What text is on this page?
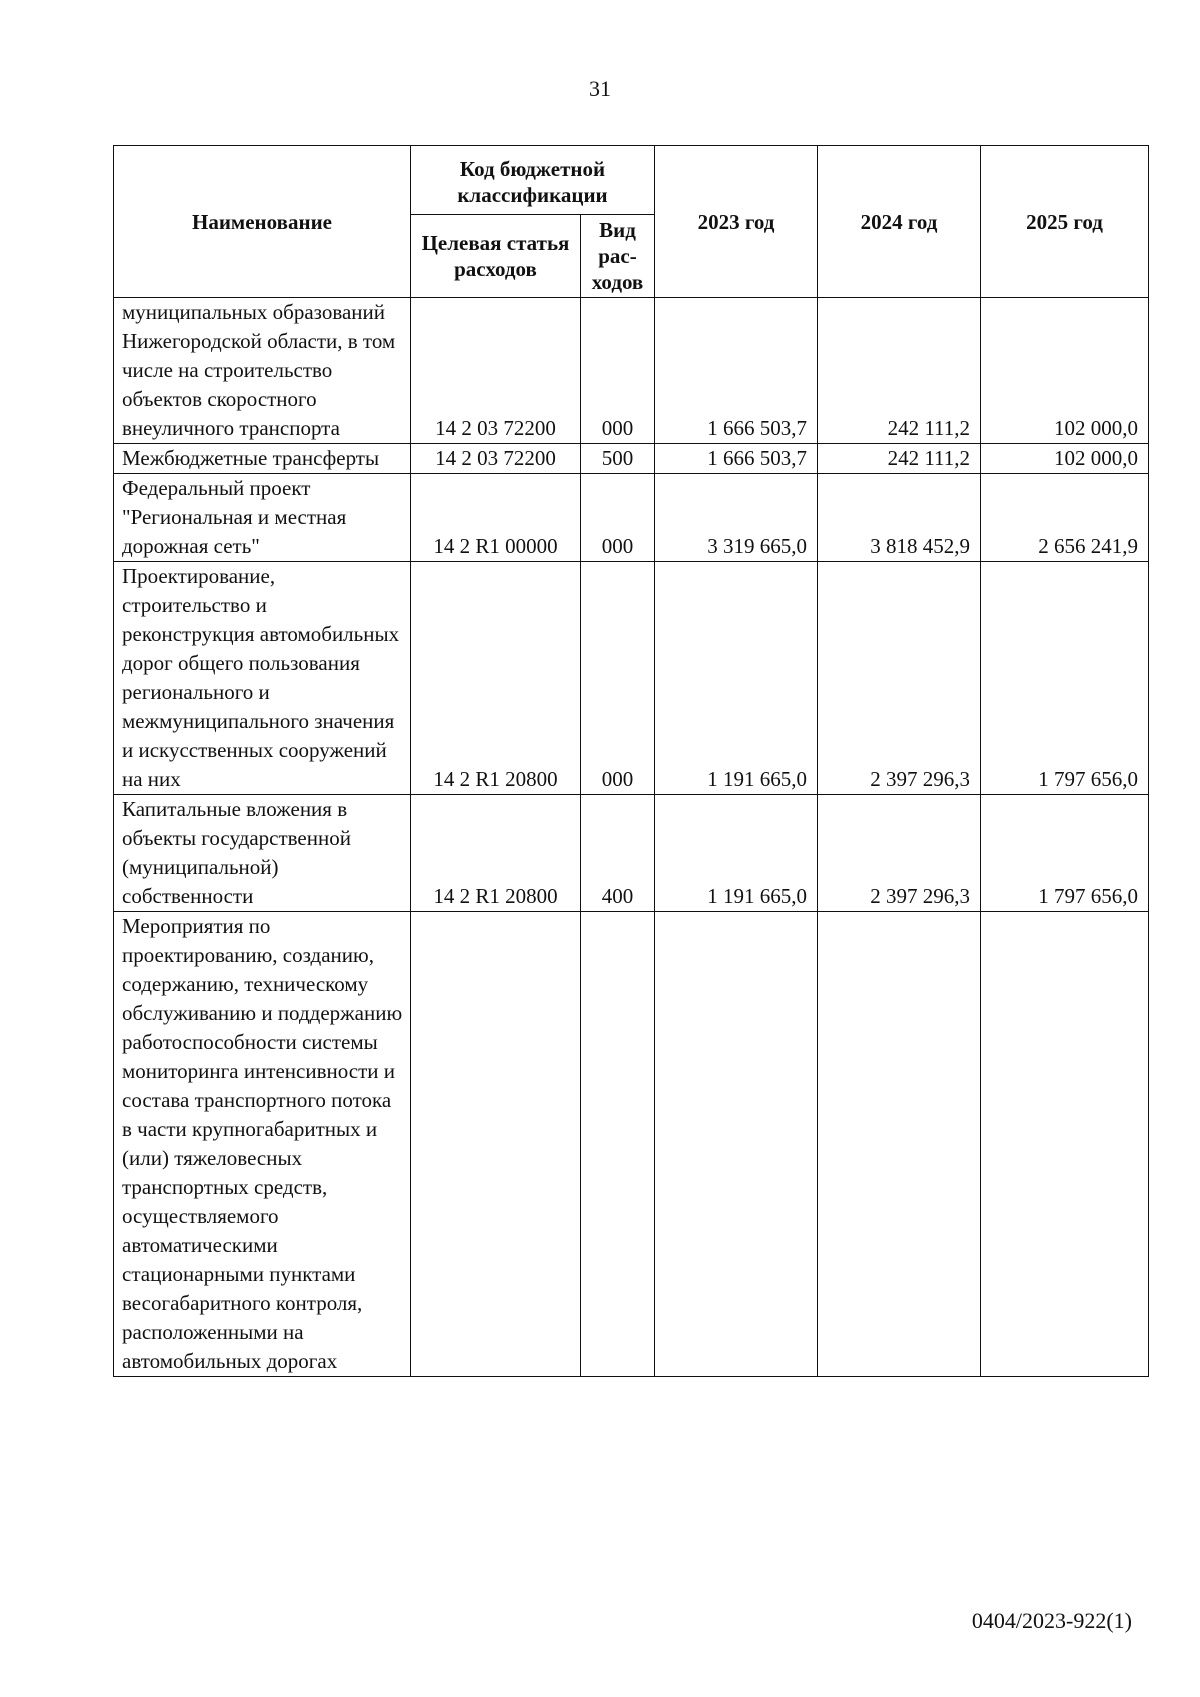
31
Наименование	Код бюджетной классификации		2023 год	2024 год	2025 год
	Целевая статья расходов	Вид рас-ходов			
муниципальных образований Нижегородской области, в том числе на строительство объектов скоростного внеуличного транспорта	14 2 03 72200	000	1 666 503,7	242 111,2	102 000,0
Межбюджетные трансферты	14 2 03 72200	500	1 666 503,7	242 111,2	102 000,0
Федеральный проект "Региональная и местная дорожная сеть"	14 2 R1 00000	000	3 319 665,0	3 818 452,9	2 656 241,9
Проектирование, строительство и реконструкция автомобильных дорог общего пользования регионального и межмуниципального значения и искусственных сооружений на них	14 2 R1 20800	000	1 191 665,0	2 397 296,3	1 797 656,0
Капитальные вложения в объекты государственной (муниципальной) собственности	14 2 R1 20800	400	1 191 665,0	2 397 296,3	1 797 656,0
Мероприятия по проектированию, созданию, содержанию, техническому обслуживанию и поддержанию работоспособности системы мониторинга интенсивности и состава транспортного потока в части крупногабаритных и (или) тяжеловесных транспортных средств, осуществляемого автоматическими стационарными пунктами весогабаритного контроля, расположенными на автомобильных дорогах					
0404/2023-922(1)
